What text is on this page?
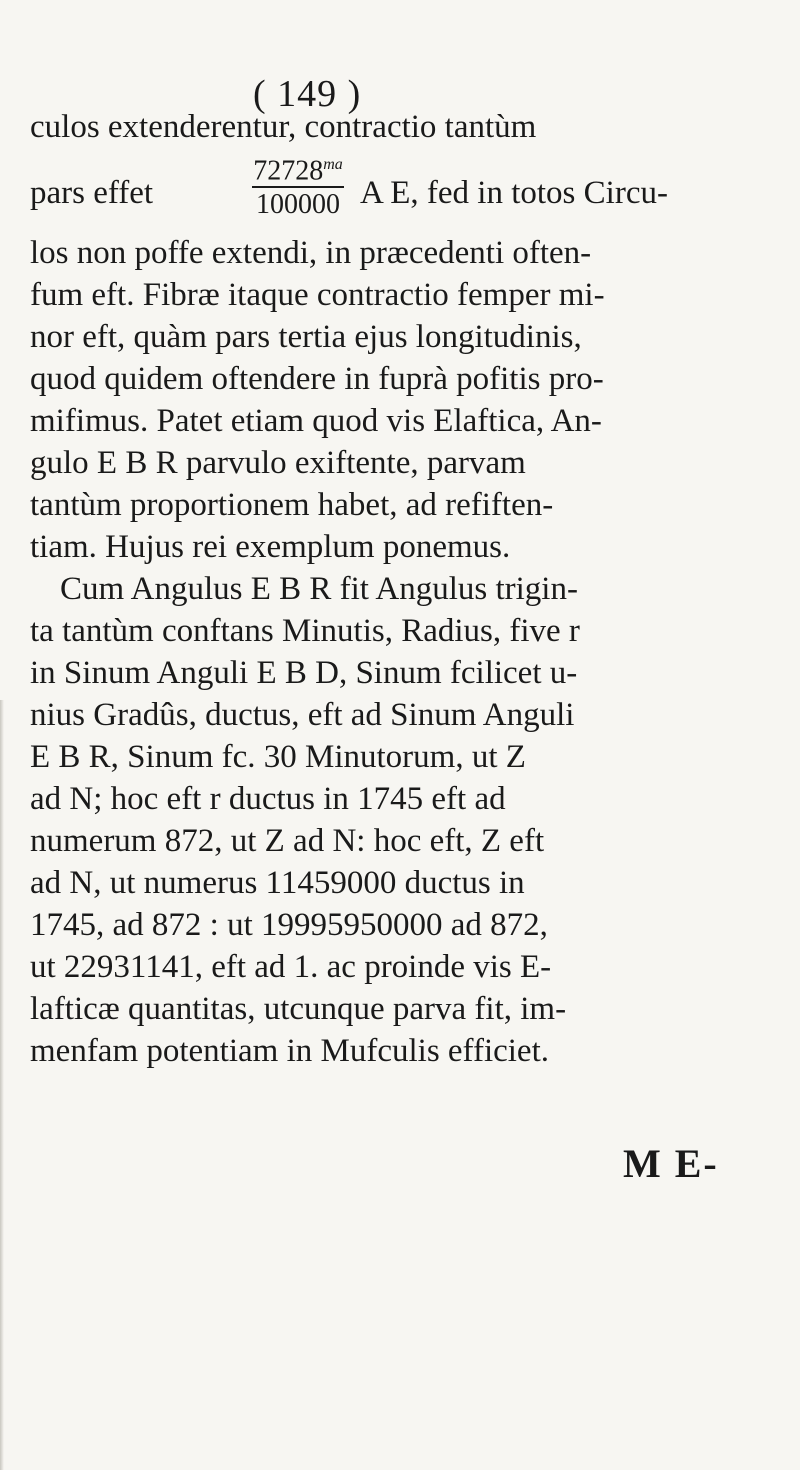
( 149 )
culos extenderentur, contractio tantùm
pars effet
$72728^{ma}$
100000 A E, fed in totos Circu-
los non poffe extendi, in præcedenti often-
fum eft. Fibræ itaque contractio femper mi-
nor eft, quàm pars tertia ejus longitudinis,
quod quidem oftendere in fuprà pofitis pro-
mifimus. Patet etiam quod vis Elaftica, An-
gulo E B R parvulo exiftente, parvam
tantùm proportionem habet, ad refiften-
tiam. Hujus rei exemplum ponemus.
Cum Angulus E B R fit Angulus trigin-
ta tantùm conftans Minutis, Radius, five r
in Sinum Anguli E B D, Sinum fcilicet u-
nius Gradûs, ductus, eft ad Sinum Anguli
E B R, Sinum fc. 30 Minutorum, ut Z
ad N; hoc eft r ductus in 1745 eft ad
numerum 872, ut Z ad N: hoc eft, Z eft
ad N, ut numerus 11459000 ductus in
1745, ad 872 : ut 19995950000 ad 872,
ut 22931141, eft ad 1. ac proinde vis E-
lafticæ quantitas, utcunque parva fit, im-
menfam potentiam in Mufculis efficiet.
M E-
